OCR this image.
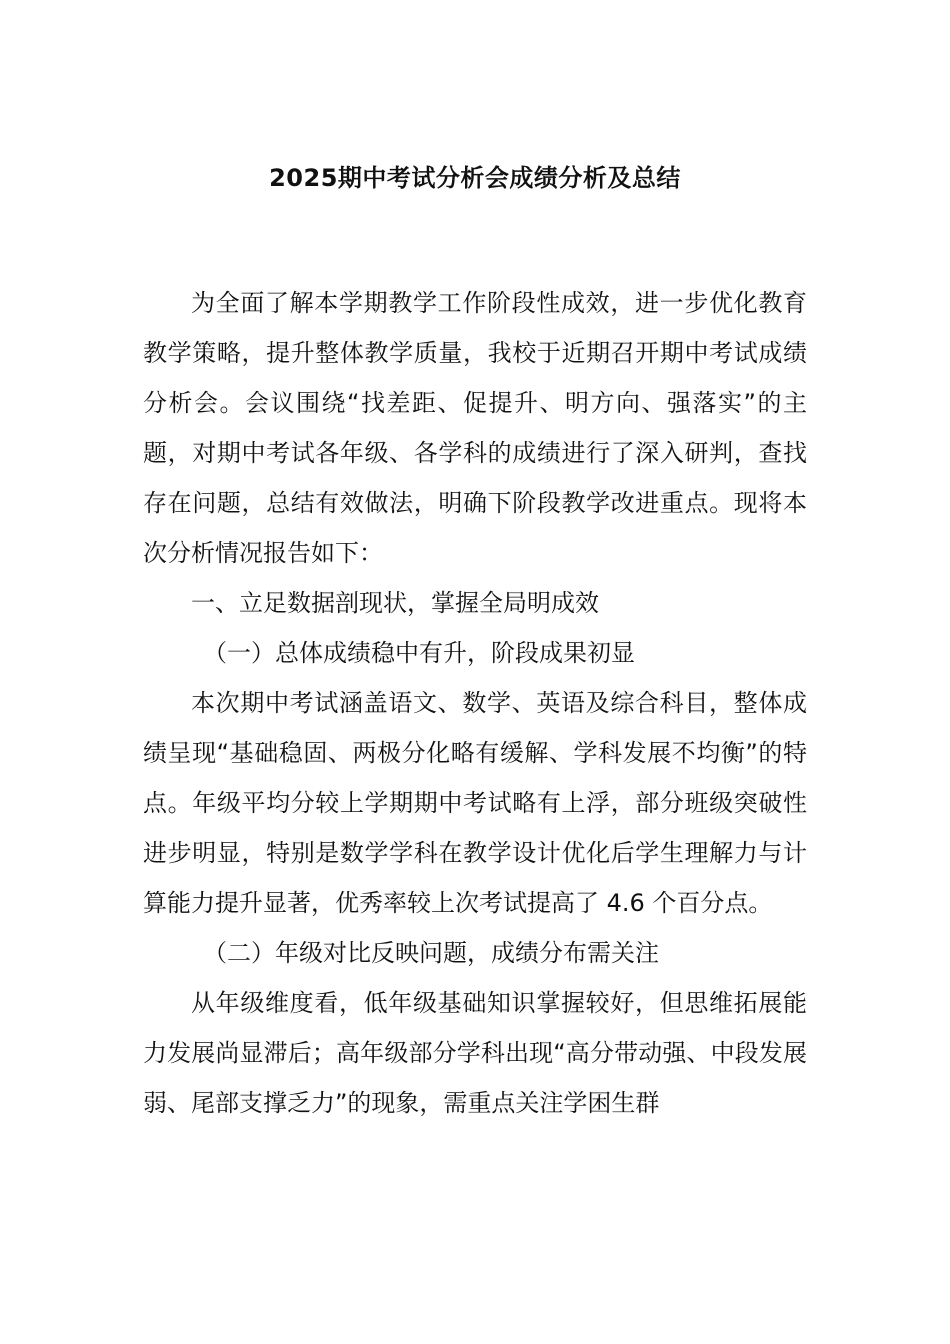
2025期中考试分析会成绩分析及总结

为全面了解本学期教学工作阶段性成效，进一步优化教育教学策略，提升整体教学质量，我校于近期召开期中考试成绩分析会。会议围绕“找差距、促提升、明方向、强落实”的主题，对期中考试各年级、各学科的成绩进行了深入研判，查找存在问题，总结有效做法，明确下阶段教学改进重点。现将本次分析情况报告如下：

一、立足数据剖现状，掌握全局明成效

（一）总体成绩稳中有升，阶段成果初显

本次期中考试涵盖语文、数学、英语及综合科目，整体成绩呈现“基础稳固、两极分化略有缓解、学科发展不均衡”的特点。年级平均分较上学期期中考试略有上浮，部分班级突破性进步明显，特别是数学学科在教学设计优化后学生理解力与计算能力提升显著，优秀率较上次考试提高了 4.6 个百分点。

（二）年级对比反映问题，成绩分布需关注

从年级维度看，低年级基础知识掌握较好，但思维拓展能力发展尚显滞后；高年级部分学科出现“高分带动强、中段发展弱、尾部支撑乏力”的现象，需重点关注学困生群
